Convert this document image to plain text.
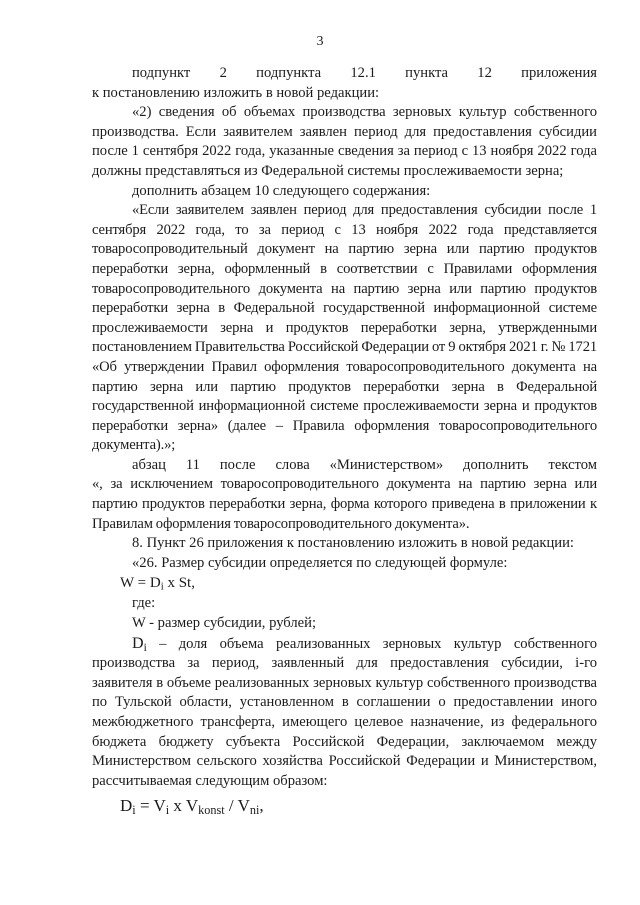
3

подпункт 2 подпункта 12.1 пункта 12 приложения

к постановлению изложить в новой редакции:

«2) сведения об объемах производства зерновых культур собственного производства. Если заявителем заявлен период для предоставления субсидии после 1 сентября 2022 года, указанные сведения за период с 13 ноября 2022 года должны представляться из Федеральной системы прослеживаемости зерна;

дополнить абзацем 10 следующего содержания:

«Если заявителем заявлен период для предоставления субсидии после 1 сентября 2022 года, то за период с 13 ноября 2022 года представляется товаросопроводительный документ на партию зерна или партию продуктов переработки зерна, оформленный в соответствии с Правилами оформления товаросопроводительного документа на партию зерна или партию продуктов переработки зерна в Федеральной государственной информационной системе прослеживаемости зерна и продуктов переработки зерна, утвержденными постановлением Правительства Российской Федерации от 9 октября 2021 г. № 1721 «Об утверждении Правил оформления товаросопроводительного документа на партию зерна или партию продуктов переработки зерна в Федеральной государственной информационной системе прослеживаемости зерна и продуктов переработки зерна» (далее – Правила оформления товаросопроводительного документа).»;

абзац 11 после слова «Министерством» дополнить текстом

«, за исключением товаросопроводительного документа на партию зерна или партию продуктов переработки зерна, форма которого приведена в приложении к Правилам оформления товаросопроводительного документа».

8. Пункт 26 приложения к постановлению изложить в новой редакции:

«26. Размер субсидии определяется по следующей формуле:

$W = D_i$ x St,

где:

W - размер субсидии, рублей;

$D_i$ – доля объема реализованных зерновых культур собственного производства за период, заявленный для предоставления субсидии, i-го заявителя в объеме реализованных зерновых культур собственного производства по Тульской области, установленном в соглашении о предоставлении иного межбюджетного трансферта, имеющего целевое назначение, из федерального бюджета бюджету субъекта Российской Федерации, заключаемом между Министерством сельского хозяйства Российской Федерации и Министерством, рассчитываемая следующим образом:

$D_i = V_i$ x $V_{konst} / V_{ni}$,
